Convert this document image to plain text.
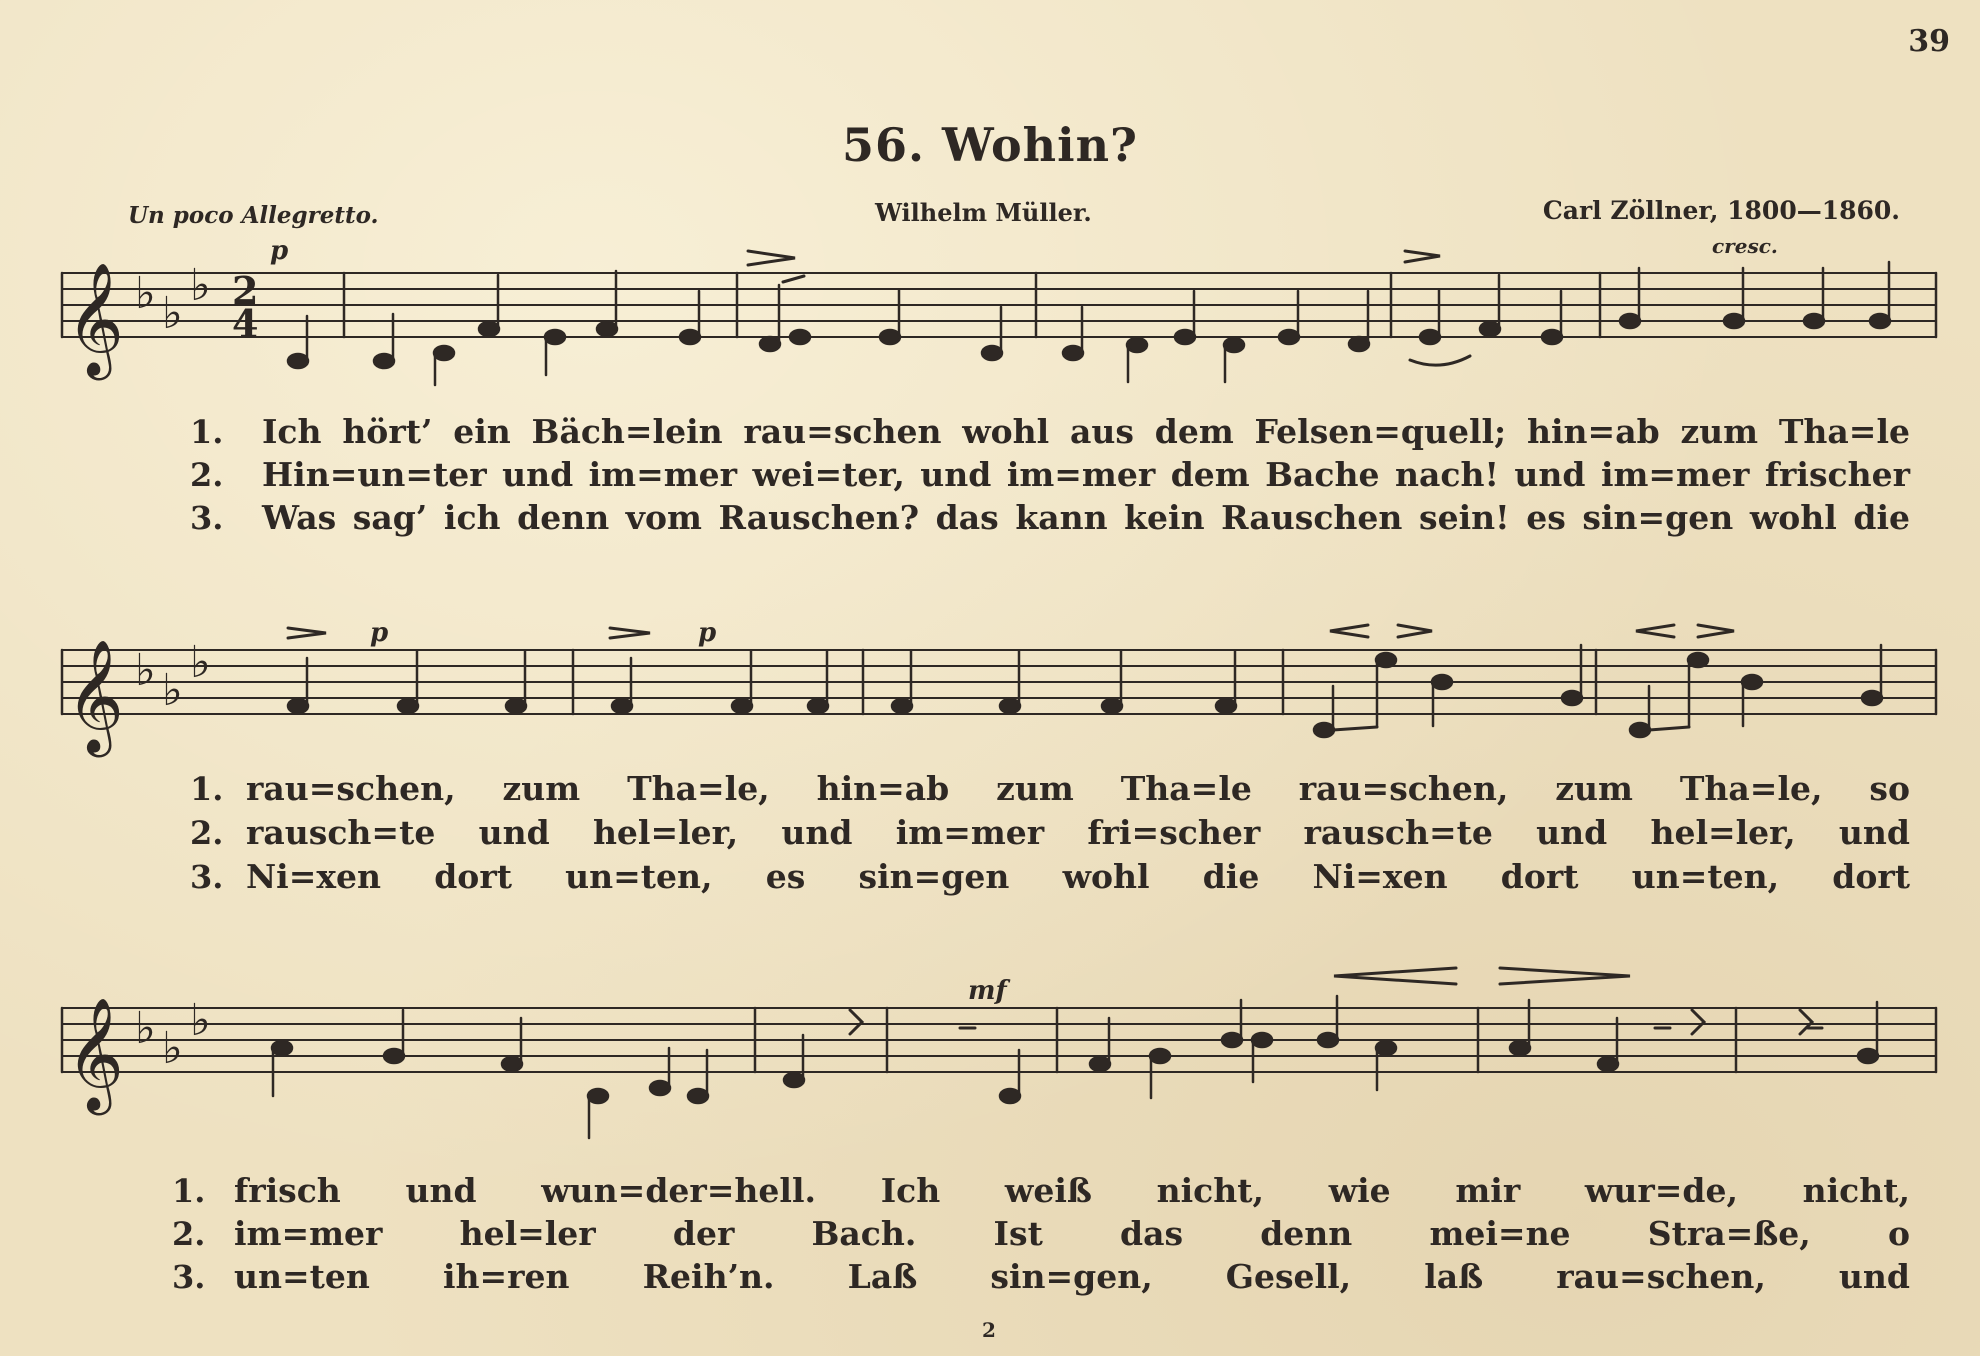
39
56. Wohin?
Un poco Allegretto.	Wilhelm Müller.	Carl Zöllner, 1800—1860.
p	cresc.
p	p
mf
𝄞 ♭ ♭
♭ 2
4
𝄞 ♭ ♭
♭
𝄞 ♭ ♭
♭
1. Ich hört’ ein Bäch=lein rau=schen wohl aus dem Felsen=quell; hin=ab zum Tha=le
2. Hin=un=ter und im=mer wei=ter, und im=mer dem Bache nach! und im=mer frischer
3. Was sag’ ich denn vom Rauschen? das kann kein Rauschen sein! es sin=gen wohl die
1. rau=schen, zum Tha=le, hin=ab zum Tha=le rau=schen, zum Tha=le, so
2. rausch=te und hel=ler, und im=mer fri=scher rausch=te und hel=ler, und
3. Ni=xen dort un=ten, es sin=gen wohl die Ni=xen dort un=ten, dort
1. frisch und wun=der=hell. Ich weiß nicht, wie mir wur=de, nicht,
2. im=mer hel=ler der Bach. Ist das denn mei=ne Stra=ße, o
3. un=ten ih=ren Reih’n. Laß sin=gen, Gesell, laß rau=schen, und
2
